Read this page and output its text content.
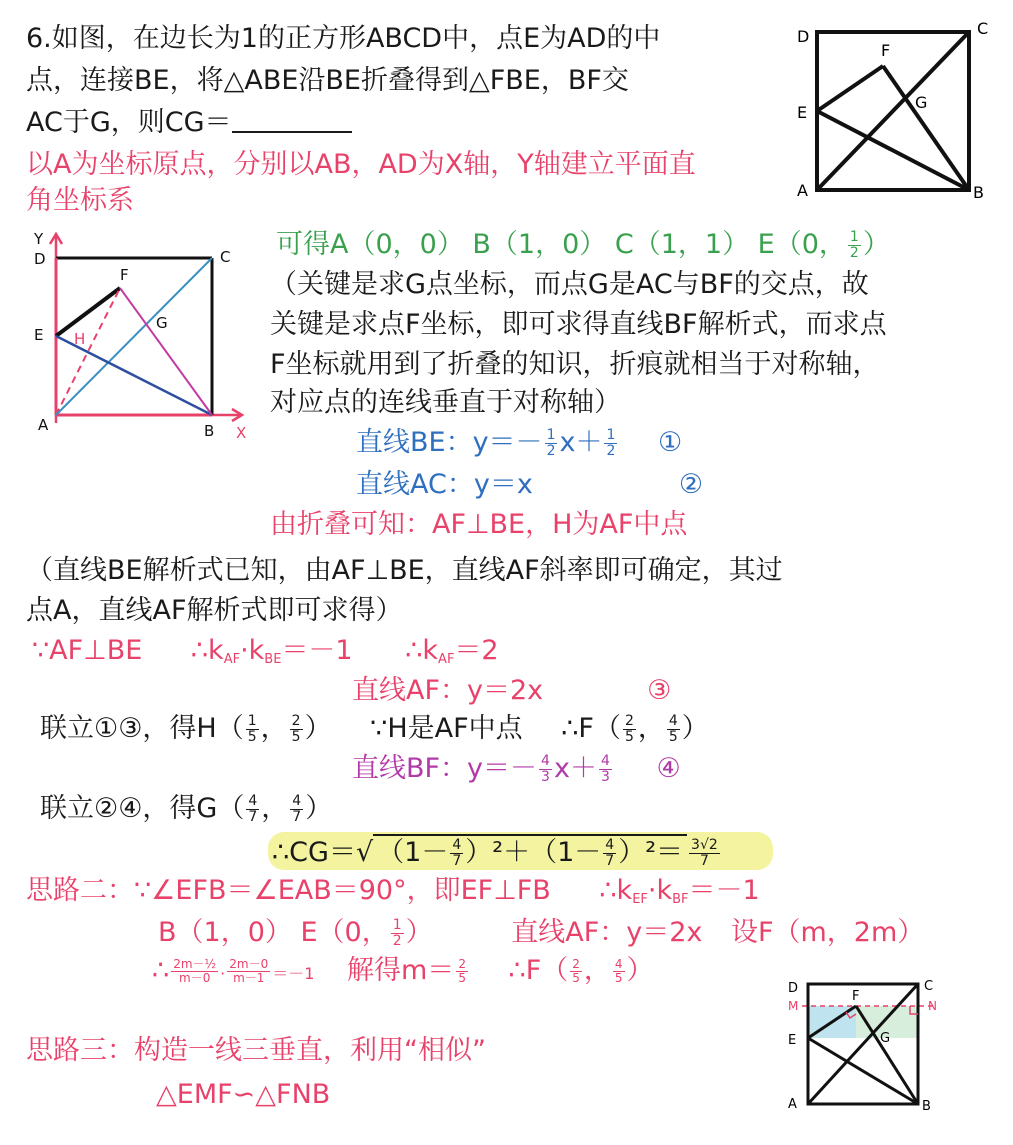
6.如图，在边长为1的正方形ABCD中，点E为AD的中
点，连接BE，将△ABE沿BE折叠得到△FBE，BF交
AC于G，则CG＝
以A为坐标原点，分别以AB，AD为X轴，Y轴建立平面直
角坐标系
D	C
E
F
G
A	B
Y
D	C
F
G
E H
A	B X
可得A（0，0） B（1，0） C（1，1） E（0， $\frac{1}{2}$ ）
（关键是求G点坐标，而点G是AC与BF的交点，故
关键是求点F坐标，即可求得直线BF解析式，而求点
F坐标就用到了折叠的知识，折痕就相当于对称轴，
对应点的连线垂直于对称轴）
直线BE：$y=- \frac{1}{2} x+ \frac{1}{2}$ ①
直线AC：y＝x	②
由折叠可知：AF⊥BE，H为AF中点
（直线BE解析式已知，由AF⊥BE，直线AF斜率即可确定，其过
点A，直线AF解析式即可求得）
∵AF⊥BE $\therefore k_{AF}\cdot k_{BE}=-1$ $\therefore k_{AF}=2$
直线AF：y＝2x	③
联立①③，得$H( \frac{1}{5}$ ， $\frac{2}{5}$ ） ∵H是AF中点 ∴F（ $\frac{2}{5}$ ， $\frac{4}{5}$ ）
直线BF：$y=- \frac{4}{3} x+ \frac{4}{3}$ ④
联立②④，得$G( \frac{4}{7}$ ， $\frac{4}{7}$ ）
∴CG＝√ $(1- \frac{4}{7} )^2+(1- \frac{4}{7} )^2= \frac{3√2}{7}$
思路二：∵∠EFB＝∠EAB＝90°，即EF⊥FB $\therefore k_{EF}\cdot k_{BF}=-1$
B（1，0） E（0， $\frac{1}{2}$ ）	直线AF：y＝2x 设F（m，2m）
∴ $\frac{\text{2m－½}}{m-0} \cdot \frac{2m-0}{m-1} =-1$ 解得$m= \frac{2}{5}$ ∴F（ $\frac{2}{5}$ ， $\frac{4}{5}$ ）
思路三：构造一线三垂直，利用“相似”
△EMF∽△FNB
D	C
M
F
N
E	G
A	B
